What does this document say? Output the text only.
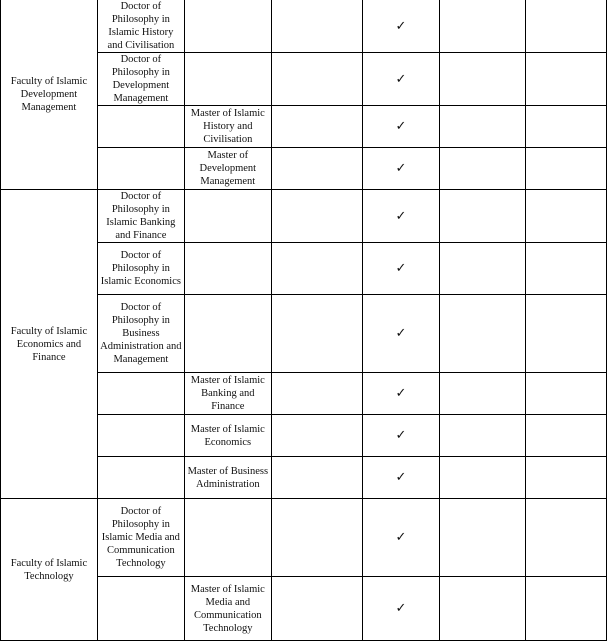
Faculty of Islamic Development Management	Doctor of Philosophy in Islamic History and Civilisation			✓		
	Doctor of Philosophy in Development Management			✓		
		Master of Islamic History and Civilisation		✓		
		Master of Development Management		✓		
Faculty of Islamic Economics and Finance	Doctor of Philosophy in Islamic Banking and Finance			✓		
	Doctor of Philosophy in Islamic Economics			✓		
	Doctor of Philosophy in Business Administration and Management			✓		
		Master of Islamic Banking and Finance		✓		
		Master of Islamic Economics		✓		
		Master of Business Administration		✓		
Faculty of Islamic Technology	Doctor of Philosophy in Islamic Media and Communication Technology			✓		
		Master of Islamic Media and Communication Technology		✓		
